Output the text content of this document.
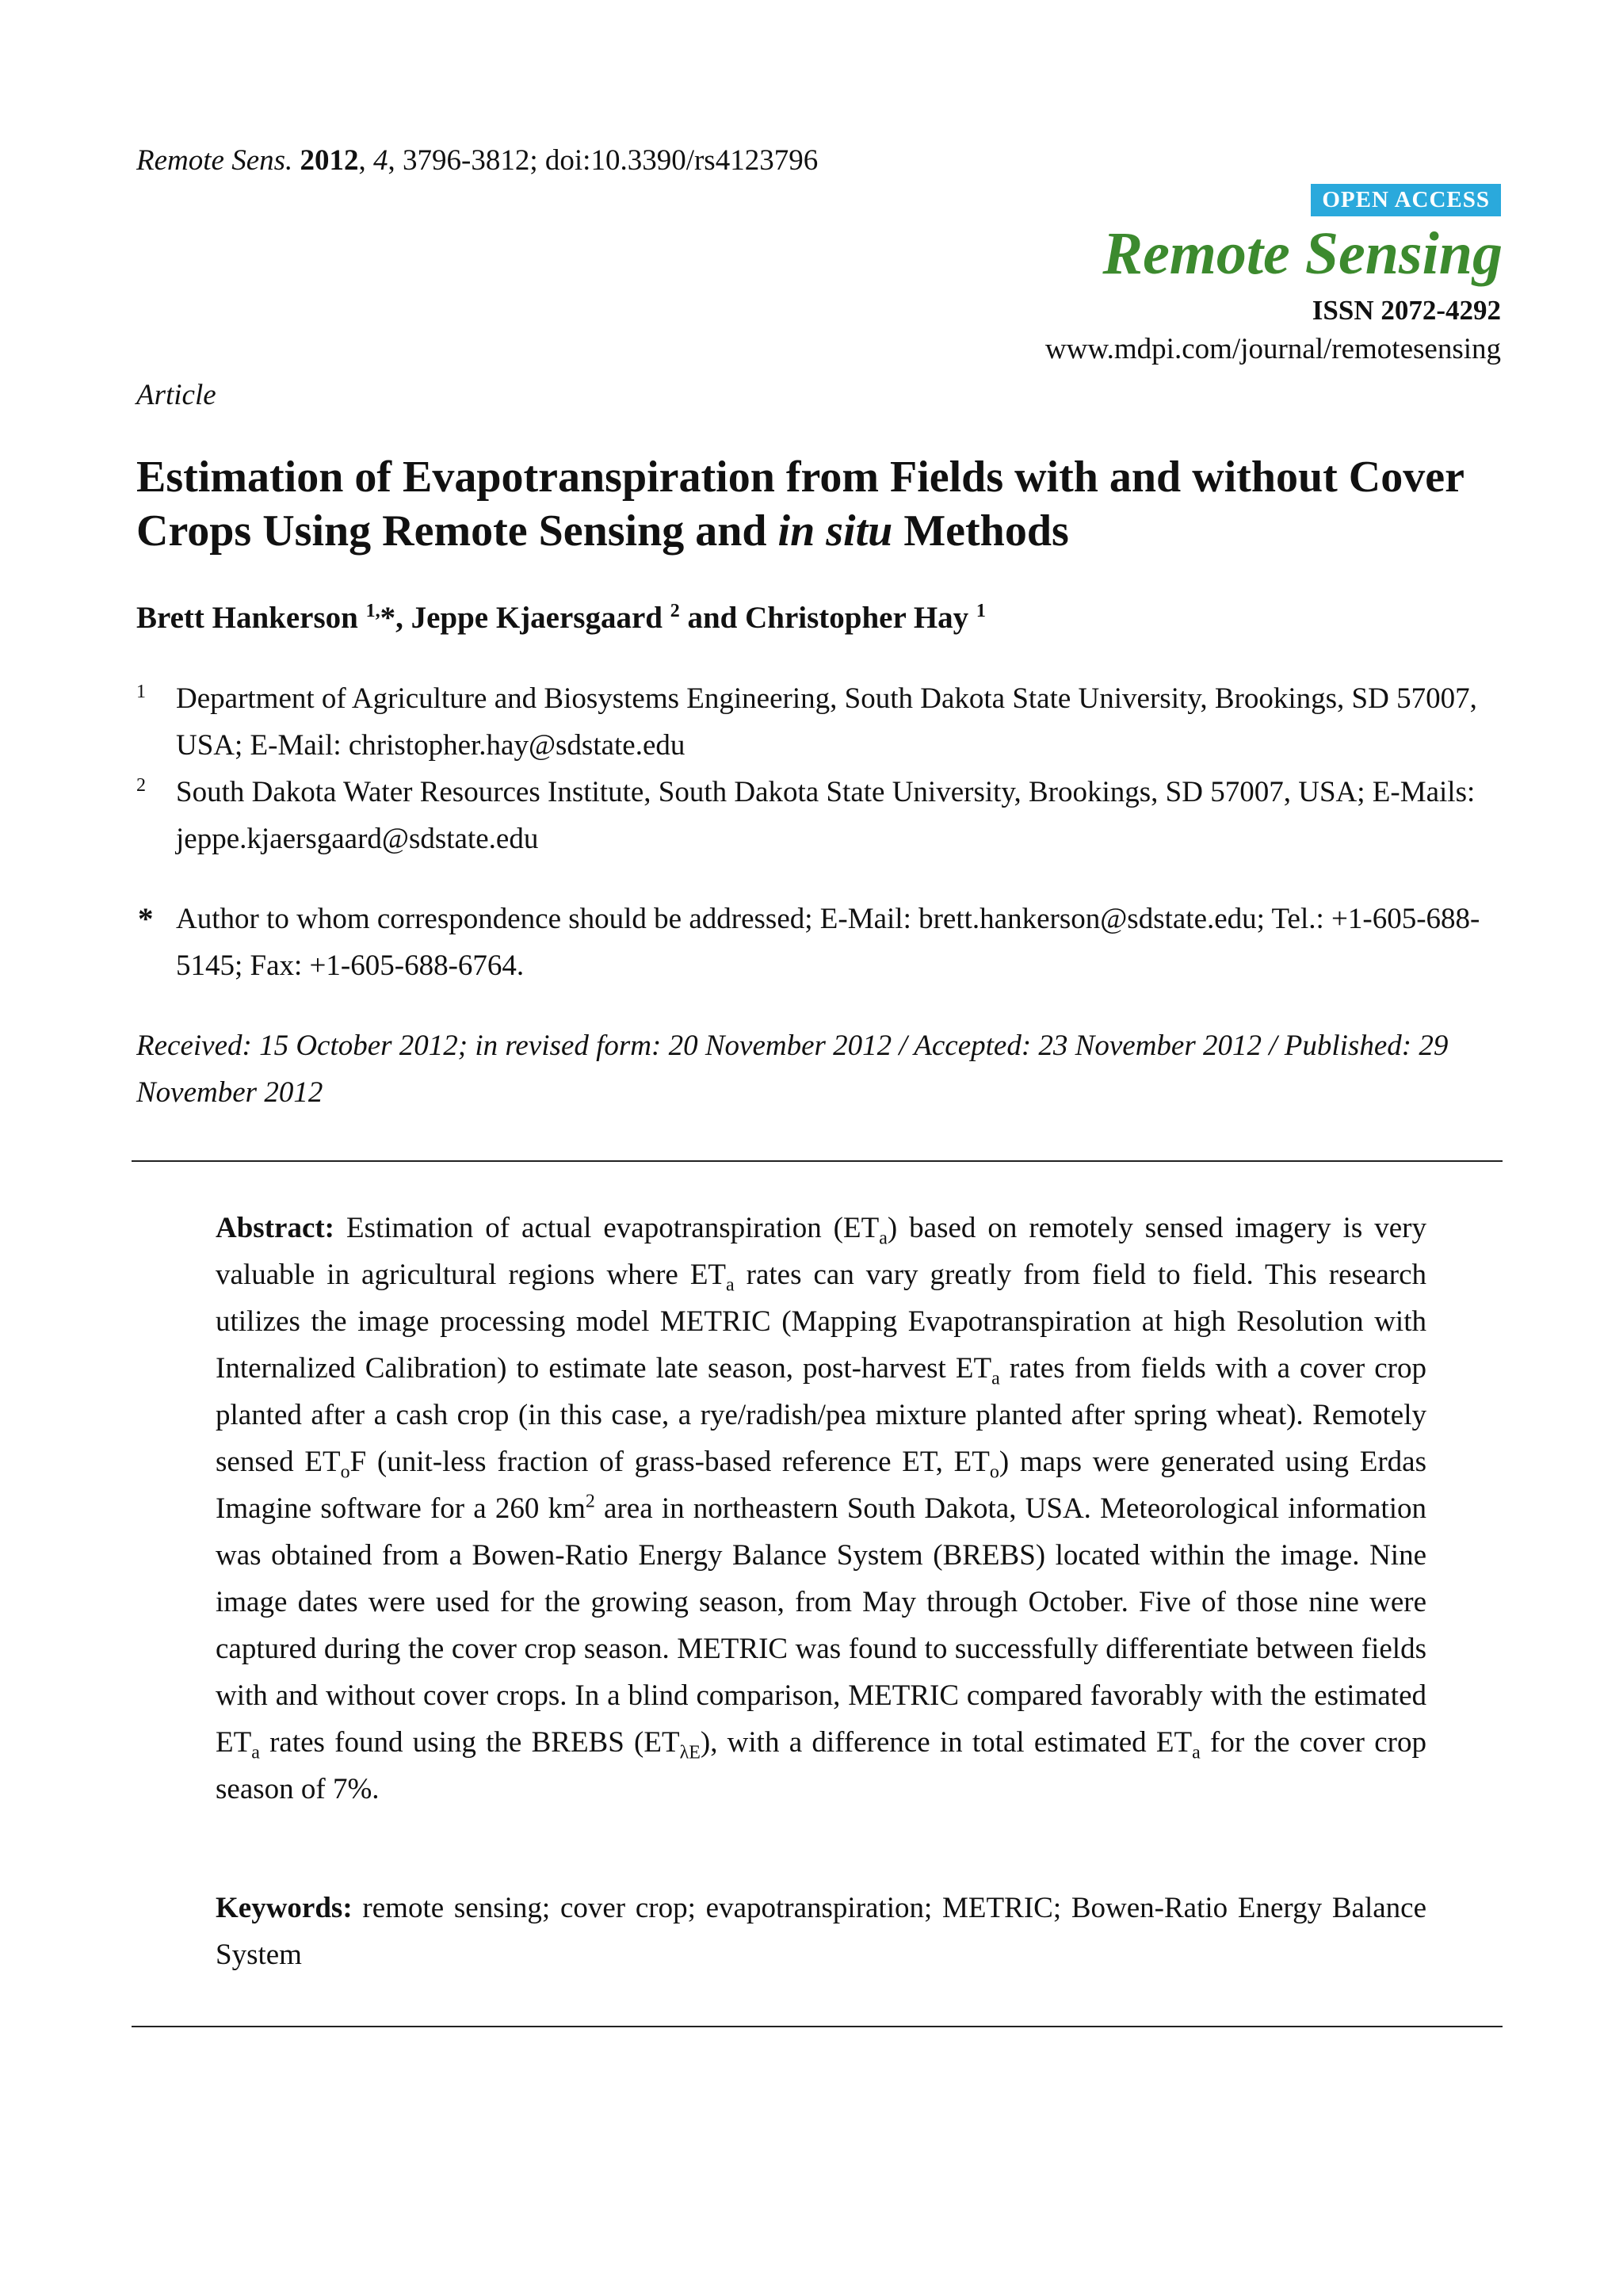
Remote Sens. 2012, 4, 3796-3812; doi:10.3390/rs4123796
OPEN ACCESS
Remote Sensing
ISSN 2072-4292
www.mdpi.com/journal/remotesensing
Article
Estimation of Evapotranspiration from Fields with and without Cover Crops Using Remote Sensing and in situ Methods
Brett Hankerson $^{1,}$*, Jeppe Kjaersgaard $^2$ and Christopher Hay $^1$
1 Department of Agriculture and Biosystems Engineering, South Dakota State University, Brookings, SD 57007, USA; E-Mail: christopher.hay@sdstate.edu
2 South Dakota Water Resources Institute, South Dakota State University, Brookings, SD 57007, USA; E-Mails: jeppe.kjaersgaard@sdstate.edu
* Author to whom correspondence should be addressed; E-Mail: brett.hankerson@sdstate.edu; Tel.: +1-605-688-5145; Fax: +1-605-688-6764.
Received: 15 October 2012; in revised form: 20 November 2012 / Accepted: 23 November 2012 / Published: 29 November 2012

Abstract: Estimation of actual evapotranspiration $(ET_a)$ based on remotely sensed imagery is very valuable in agricultural regions where $ET_a$ rates can vary greatly from field to field. This research utilizes the image processing model METRIC (Mapping Evapotranspiration at high Resolution with Internalized Calibration) to estimate late season, post-harvest $ET_a$ rates from fields with a cover crop planted after a cash crop (in this case, a rye/radish/pea mixture planted after spring wheat). Remotely sensed $ET_oF$ (unit-less fraction of grass-based reference ET, $ET_o$) maps were generated using Erdas Imagine software for a 260 $km^2$ area in northeastern South Dakota, USA. Meteorological information was obtained from a Bowen-Ratio Energy Balance System (BREBS) located within the image. Nine image dates were used for the growing season, from May through October. Five of those nine were captured during the cover crop season. METRIC was found to successfully differentiate between fields with and without cover crops. In a blind comparison, METRIC compared favorably with the estimated $ET_a$ rates found using the BREBS $(ET_{\lambda E})$, with a difference in total estimated $ET_a$ for the cover crop season of 7%.

Keywords: remote sensing; cover crop; evapotranspiration; METRIC; Bowen-Ratio Energy Balance System
